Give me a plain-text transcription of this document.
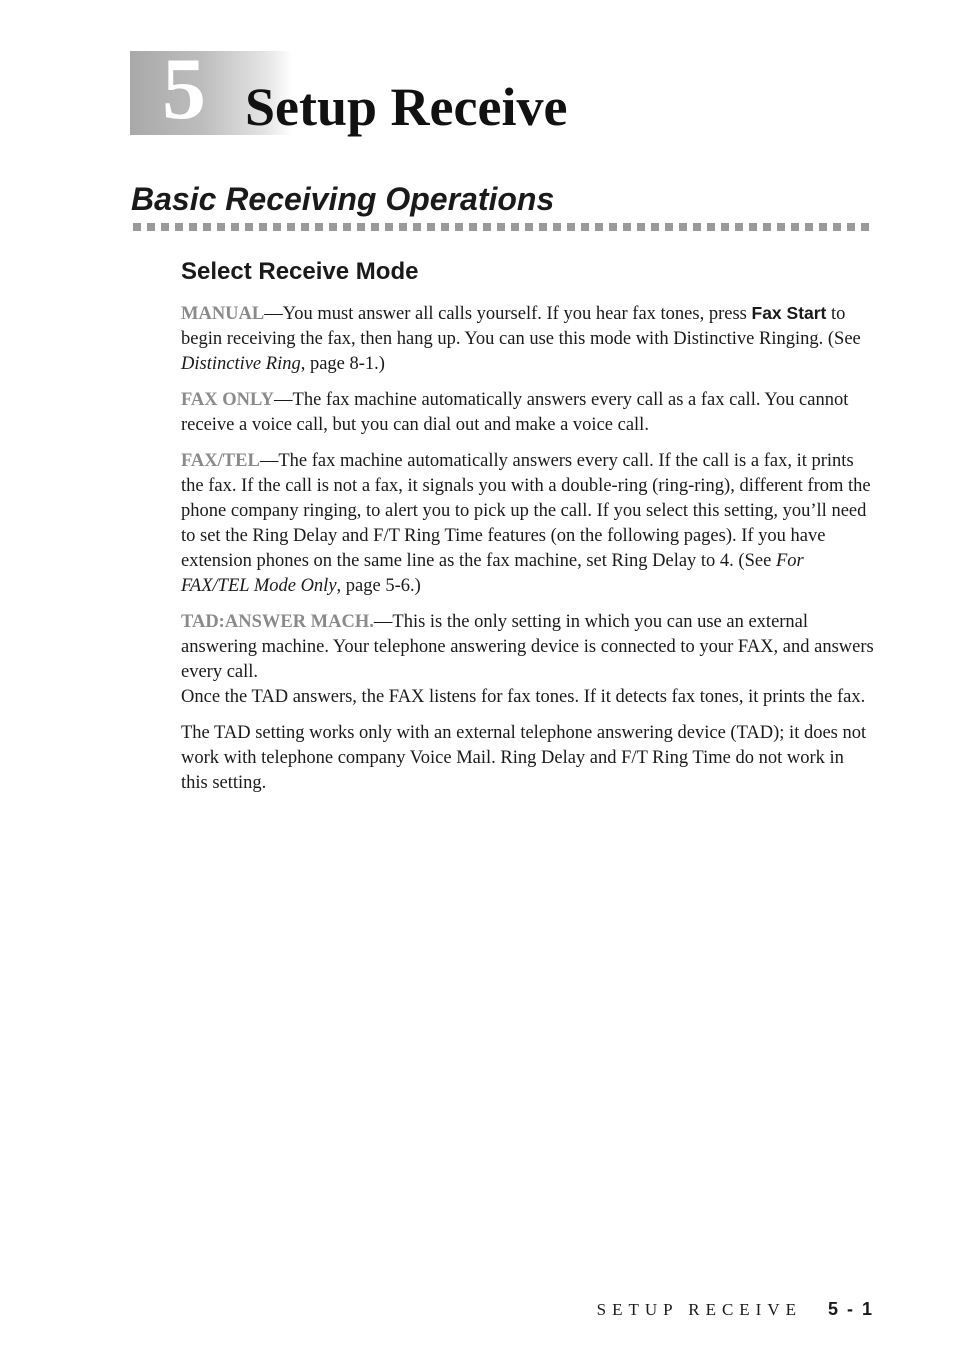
5 Setup Receive
Basic Receiving Operations
Select Receive Mode

MANUAL—You must answer all calls yourself. If you hear fax tones, press Fax Start to begin receiving the fax, then hang up. You can use this mode with Distinctive Ringing. (See Distinctive Ring, page 8-1.)

FAX ONLY—The fax machine automatically answers every call as a fax call. You cannot receive a voice call, but you can dial out and make a voice call.

FAX/TEL—The fax machine automatically answers every call. If the call is a fax, it prints the fax. If the call is not a fax, it signals you with a double-ring (ring-ring), different from the phone company ringing, to alert you to pick up the call. If you select this setting, you’ll need to set the Ring Delay and F/T Ring Time features (on the following pages). If you have extension phones on the same line as the fax machine, set Ring Delay to 4. (See For FAX/TEL Mode Only, page 5-6.)

TAD:ANSWER MACH.—This is the only setting in which you can use an external answering machine. Your telephone answering device is connected to your FAX, and answers every call.
Once the TAD answers, the FAX listens for fax tones. If it detects fax tones, it prints the fax.

The TAD setting works only with an external telephone answering device (TAD); it does not work with telephone company Voice Mail. Ring Delay and F/T Ring Time do not work in this setting.

SETUP RECEIVE 5 - 1
